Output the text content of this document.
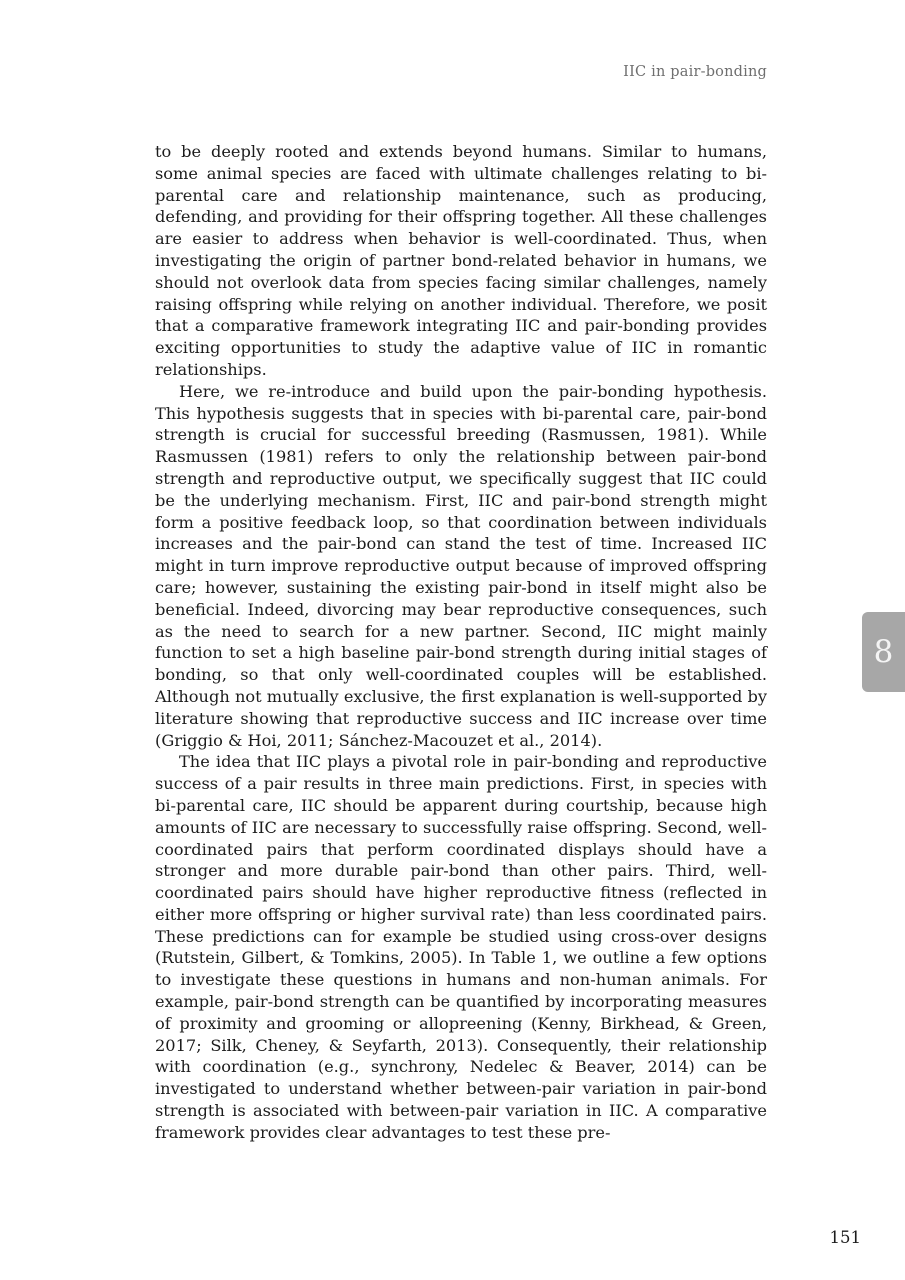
IIC in pair-bonding

to be deeply rooted and extends beyond humans. Similar to humans, some animal species are faced with ultimate challenges relating to bi-parental care and relationship maintenance, such as producing, defending, and providing for their offspring together. All these challenges are easier to address when behavior is well-coordinated. Thus, when investigating the origin of partner bond-related behavior in humans, we should not overlook data from species facing similar challenges, namely raising offspring while relying on another individual. Therefore, we posit that a comparative framework integrating IIC and pair-bonding provides exciting opportunities to study the adaptive value of IIC in romantic relationships.

Here, we re-introduce and build upon the pair-bonding hypothesis. This hypothesis suggests that in species with bi-parental care, pair-bond strength is crucial for successful breeding (Rasmussen, 1981). While Rasmussen (1981) refers to only the relationship between pair-bond strength and reproductive output, we specifically suggest that IIC could be the underlying mechanism. First, IIC and pair-bond strength might form a positive feedback loop, so that coordination between individuals increases and the pair-bond can stand the test of time. Increased IIC might in turn improve reproductive output because of improved offspring care; however, sustaining the existing pair-bond in itself might also be beneficial. Indeed, divorcing may bear reproductive consequences, such as the need to search for a new partner. Second, IIC might mainly function to set a high baseline pair-bond strength during initial stages of bonding, so that only well-coordinated couples will be established. Although not mutually exclusive, the first explanation is well-supported by literature showing that reproductive success and IIC increase over time (Griggio & Hoi, 2011; Sánchez-Macouzet et al., 2014).

The idea that IIC plays a pivotal role in pair-bonding and reproductive success of a pair results in three main predictions. First, in species with bi-parental care, IIC should be apparent during courtship, because high amounts of IIC are necessary to successfully raise offspring. Second, well-coordinated pairs that perform coordinated displays should have a stronger and more durable pair-bond than other pairs. Third, well-coordinated pairs should have higher reproductive fitness (reflected in either more offspring or higher survival rate) than less coordinated pairs. These predictions can for example be studied using cross-over designs (Rutstein, Gilbert, & Tomkins, 2005). In Table 1, we outline a few options to investigate these questions in humans and non-human animals. For example, pair-bond strength can be quantified by incorporating measures of proximity and grooming or allopreening (Kenny, Birkhead, & Green, 2017; Silk, Cheney, & Seyfarth, 2013). Consequently, their relationship with coordination (e.g., synchrony, Nedelec & Beaver, 2014) can be investigated to understand whether between-pair variation in pair-bond strength is associated with between-pair variation in IIC. A comparative framework provides clear advantages to test these pre-

8
151
